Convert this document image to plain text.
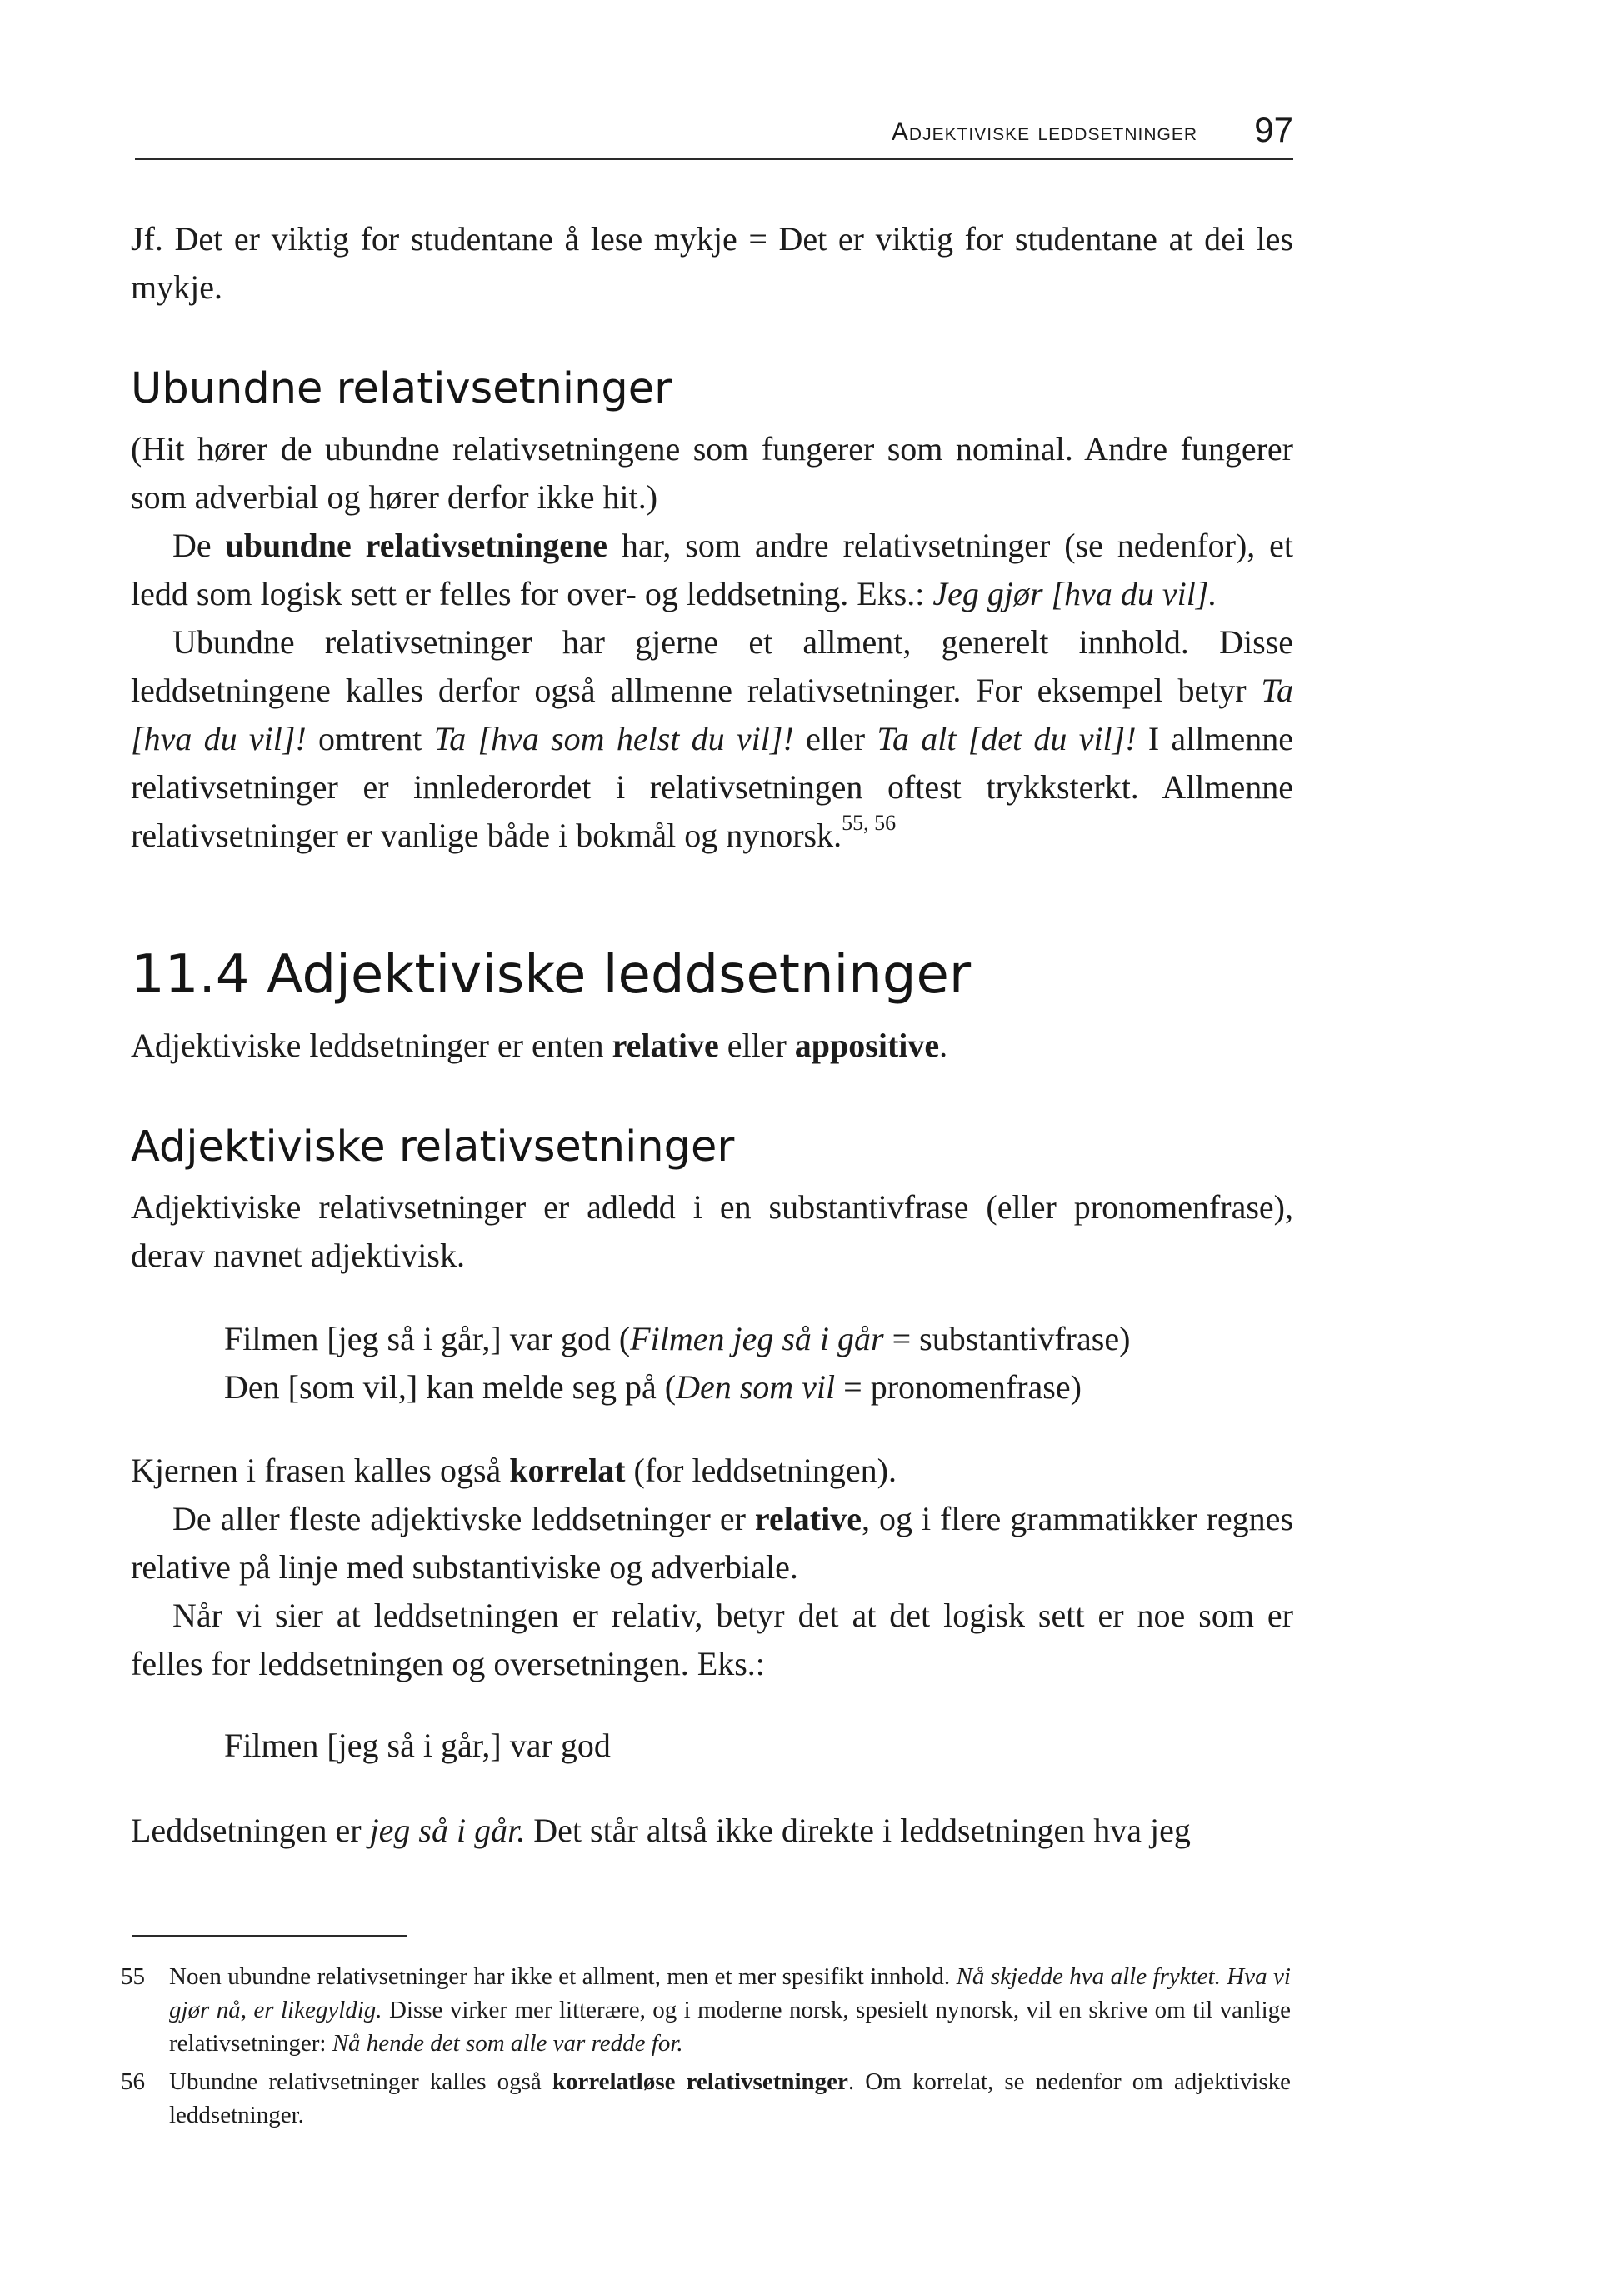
Adjektiviske leddsetninger 97

Jf. Det er viktig for studentane å lese mykje = Det er viktig for studentane at dei les mykje.

Ubundne relativsetninger

(Hit hører de ubundne relativsetningene som fungerer som nominal. Andre fungerer som adverbial og hører derfor ikke hit.)

De ubundne relativsetningene har, som andre relativsetninger (se nedenfor), et ledd som logisk sett er felles for over- og leddsetning. Eks.: Jeg gjør [hva du vil].

Ubundne relativsetninger har gjerne et allment, generelt innhold. Disse leddsetningene kalles derfor også allmenne relativsetninger. For eksempel betyr Ta [hva du vil]! omtrent Ta [hva som helst du vil]! eller Ta alt [det du vil]! I allmenne relativsetninger er innlederordet i relativsetningen oftest trykksterkt. Allmenne relativsetninger er vanlige både i bokmål og nynorsk.$^{55, 56}$

11.4 Adjektiviske leddsetninger

Adjektiviske leddsetninger er enten relative eller appositive.

Adjektiviske relativsetninger

Adjektiviske relativsetninger er adledd i en substantivfrase (eller pronomenfrase), derav navnet adjektivisk.

Filmen [jeg så i går,] var god (Filmen jeg så i går = substantivfrase)
Den [som vil,] kan melde seg på (Den som vil = pronomenfrase)

Kjernen i frasen kalles også korrelat (for leddsetningen).

De aller fleste adjektivske leddsetninger er relative, og i flere grammatikker regnes relative på linje med substantiviske og adverbiale.

Når vi sier at leddsetningen er relativ, betyr det at det logisk sett er noe som er felles for leddsetningen og oversetningen. Eks.:

Filmen [jeg så i går,] var god

Leddsetningen er jeg så i går. Det står altså ikke direkte i leddsetningen hva jeg

55 Noen ubundne relativsetninger har ikke et allment, men et mer spesifikt innhold. Nå skjedde hva alle fryktet. Hva vi gjør nå, er likegyldig. Disse virker mer litterære, og i moderne norsk, spesielt nynorsk, vil en skrive om til vanlige relativsetninger: Nå hende det som alle var redde for.
56 Ubundne relativsetninger kalles også korrelatløse relativsetninger. Om korrelat, se nedenfor om adjektiviske leddsetninger.
